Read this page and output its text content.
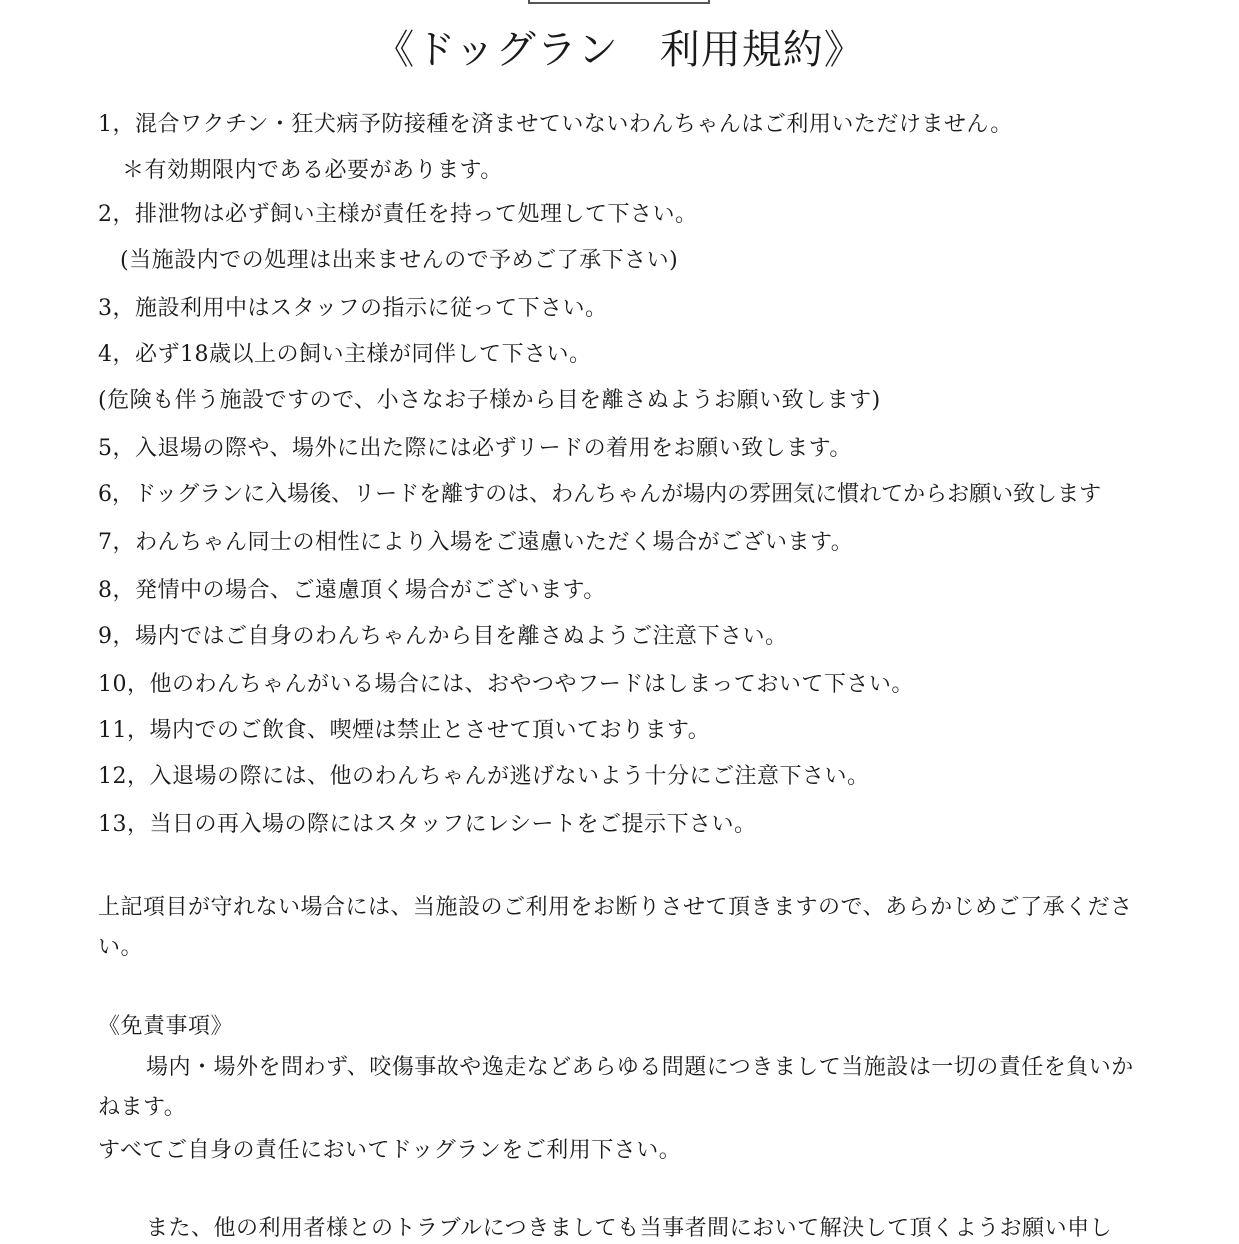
《ドッグラン　利用規約》
1，混合ワクチン・狂犬病予防接種を済ませていないわんちゃんはご利用いただけません。
＊有効期限内である必要があります。
2，排泄物は必ず飼い主様が責任を持って処理して下さい。
(当施設内での処理は出来ませんので予めご了承下さい)
3，施設利用中はスタッフの指示に従って下さい。
4，必ず18歳以上の飼い主様が同伴して下さい。
(危険も伴う施設ですので、小さなお子様から目を離さぬようお願い致します)
5，入退場の際や、場外に出た際には必ずリードの着用をお願い致します。
6，ドッグランに入場後、リードを離すのは、わんちゃんが場内の雰囲気に慣れてからお願い致します
7，わんちゃん同士の相性により入場をご遠慮いただく場合がございます。
8，発情中の場合、ご遠慮頂く場合がございます。
9，場内ではご自身のわんちゃんから目を離さぬようご注意下さい。
10，他のわんちゃんがいる場合には、おやつやフードはしまっておいて下さい。
11，場内でのご飲食、喫煙は禁止とさせて頂いております。
12，入退場の際には、他のわんちゃんが逃げないよう十分にご注意下さい。
13，当日の再入場の際にはスタッフにレシートをご提示下さい。
上記項目が守れない場合には、当施設のご利用をお断りさせて頂きますので、あらかじめご了承ください。
《免責事項》
場内・場外を問わず、咬傷事故や逸走などあらゆる問題につきまして当施設は一切の責任を負いかねます。
すべてご自身の責任においてドッグランをご利用下さい。
また、他の利用者様とのトラブルにつきましても当事者間において解決して頂くようお願い申し
